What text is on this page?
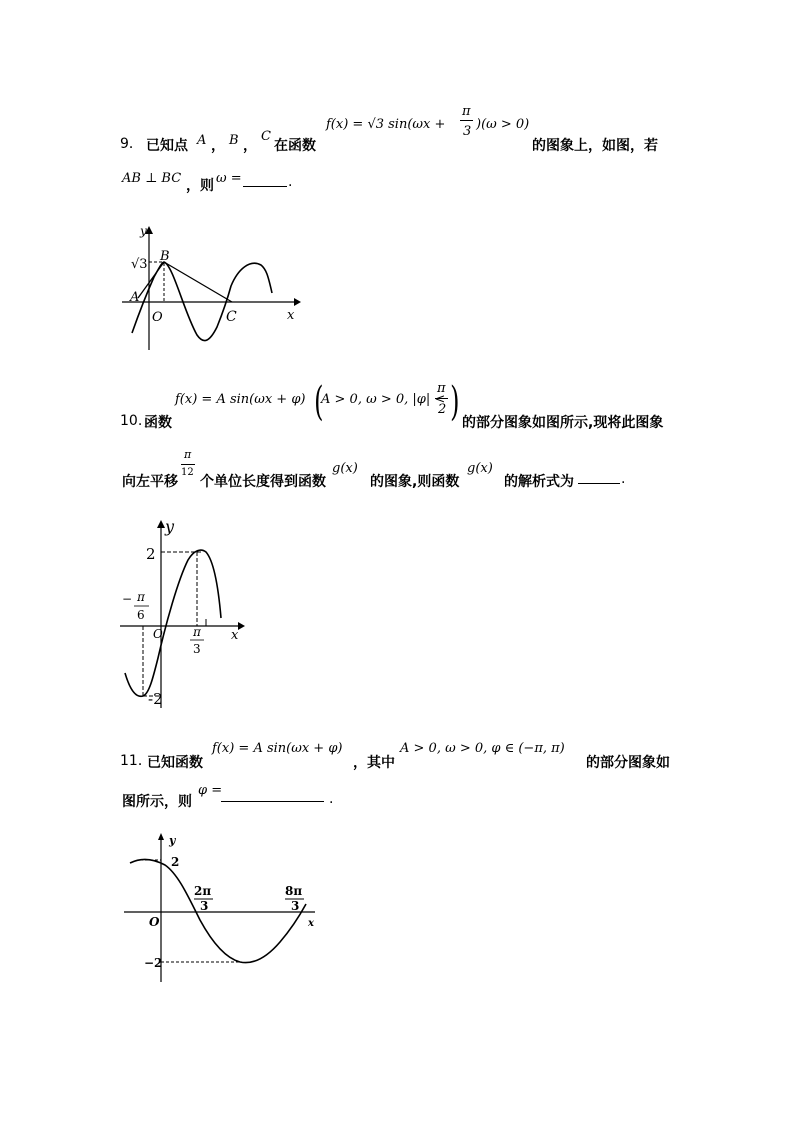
9． 已知点 A ， B ，
C
在函数
f(x) = √3 sin(ωx +
π
3 )(ω > 0)
的图象上，如图，若
AB ⊥ BC ，则 ω =	.
y
x
√3
B
A
O	C
10. 函数
f(x) = A sin(ωx + φ) (
A > 0, ω > 0, |φ| <
π
2 ) 的部分图象如图所示,现将此图象
向左平移
π
12
个单位长度得到函数
g(x)
的图象,则函数
g(x)
的解析式为	.
y
x
2
-2
O
− π
6
π
3
11．
已知函数
f(x) = A sin(ωx + φ)
，其中
A > 0, ω > 0, φ ∈ (−π, π)
的部分图象如
图所示，则
φ =
.
y
x
2
−2
O
2π
3
8π
3
